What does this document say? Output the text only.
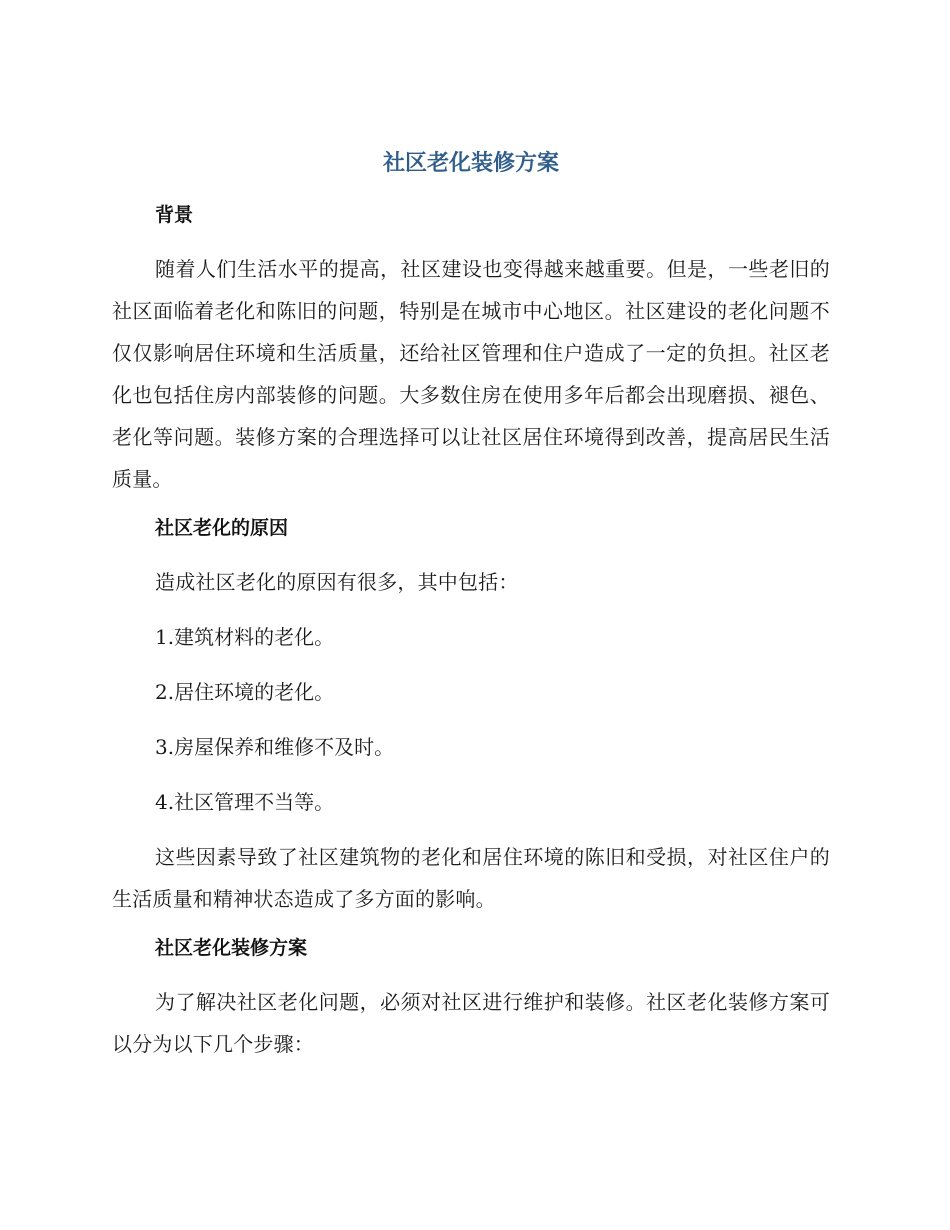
社区老化装修方案
背景

随着人们生活水平的提高，社区建设也变得越来越重要。但是，一些老旧的社区面临着老化和陈旧的问题，特别是在城市中心地区。社区建设的老化问题不仅仅影响居住环境和生活质量，还给社区管理和住户造成了一定的负担。社区老化也包括住房内部装修的问题。大多数住房在使用多年后都会出现磨损、褪色、老化等问题。装修方案的合理选择可以让社区居住环境得到改善，提高居民生活质量。

社区老化的原因

造成社区老化的原因有很多，其中包括：

1.建筑材料的老化。
2.居住环境的老化。
3.房屋保养和维修不及时。
4.社区管理不当等。

这些因素导致了社区建筑物的老化和居住环境的陈旧和受损，对社区住户的生活质量和精神状态造成了多方面的影响。

社区老化装修方案

为了解决社区老化问题，必须对社区进行维护和装修。社区老化装修方案可以分为以下几个步骤：
